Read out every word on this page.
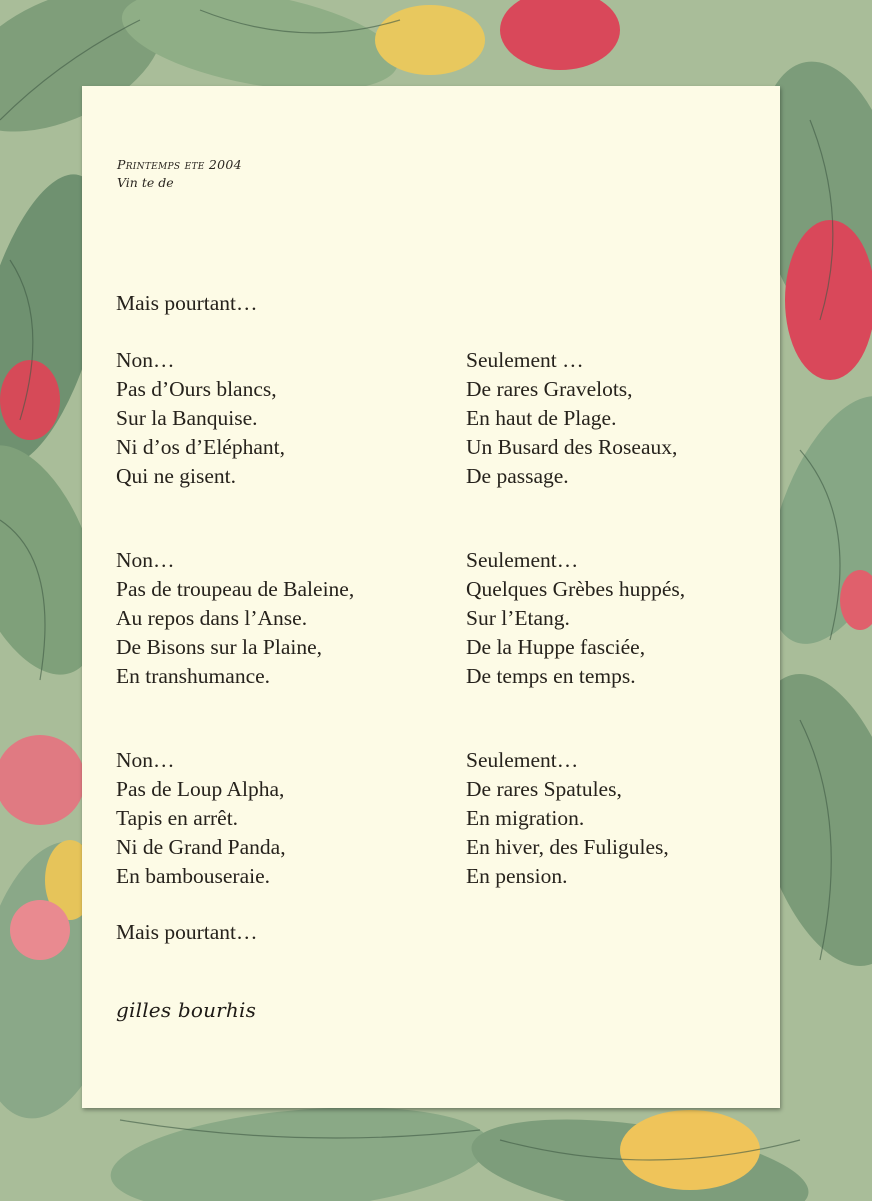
Printemps ete 2004
Vin te de
Mais pourtant…
Non…
Pas d’Ours blancs,
Sur la Banquise.
Ni d’os d’Eléphant,
Qui ne gisent.
Seulement …
De rares Gravelots,
En haut de Plage.
Un Busard des Roseaux,
De passage.
Non…
Pas de troupeau de Baleine,
Au repos dans l’Anse.
De Bisons sur la Plaine,
En transhumance.
Seulement…
Quelques Grèbes huppés,
Sur l’Etang.
De la Huppe fasciée,
De temps en temps.
Non…
Pas de Loup Alpha,
Tapis en arrêt.
Ni de Grand Panda,
En bambouseraie.
Seulement…
De rares Spatules,
En migration.
En hiver, des Fuligules,
En pension.
Mais pourtant…
gilles bourhis
